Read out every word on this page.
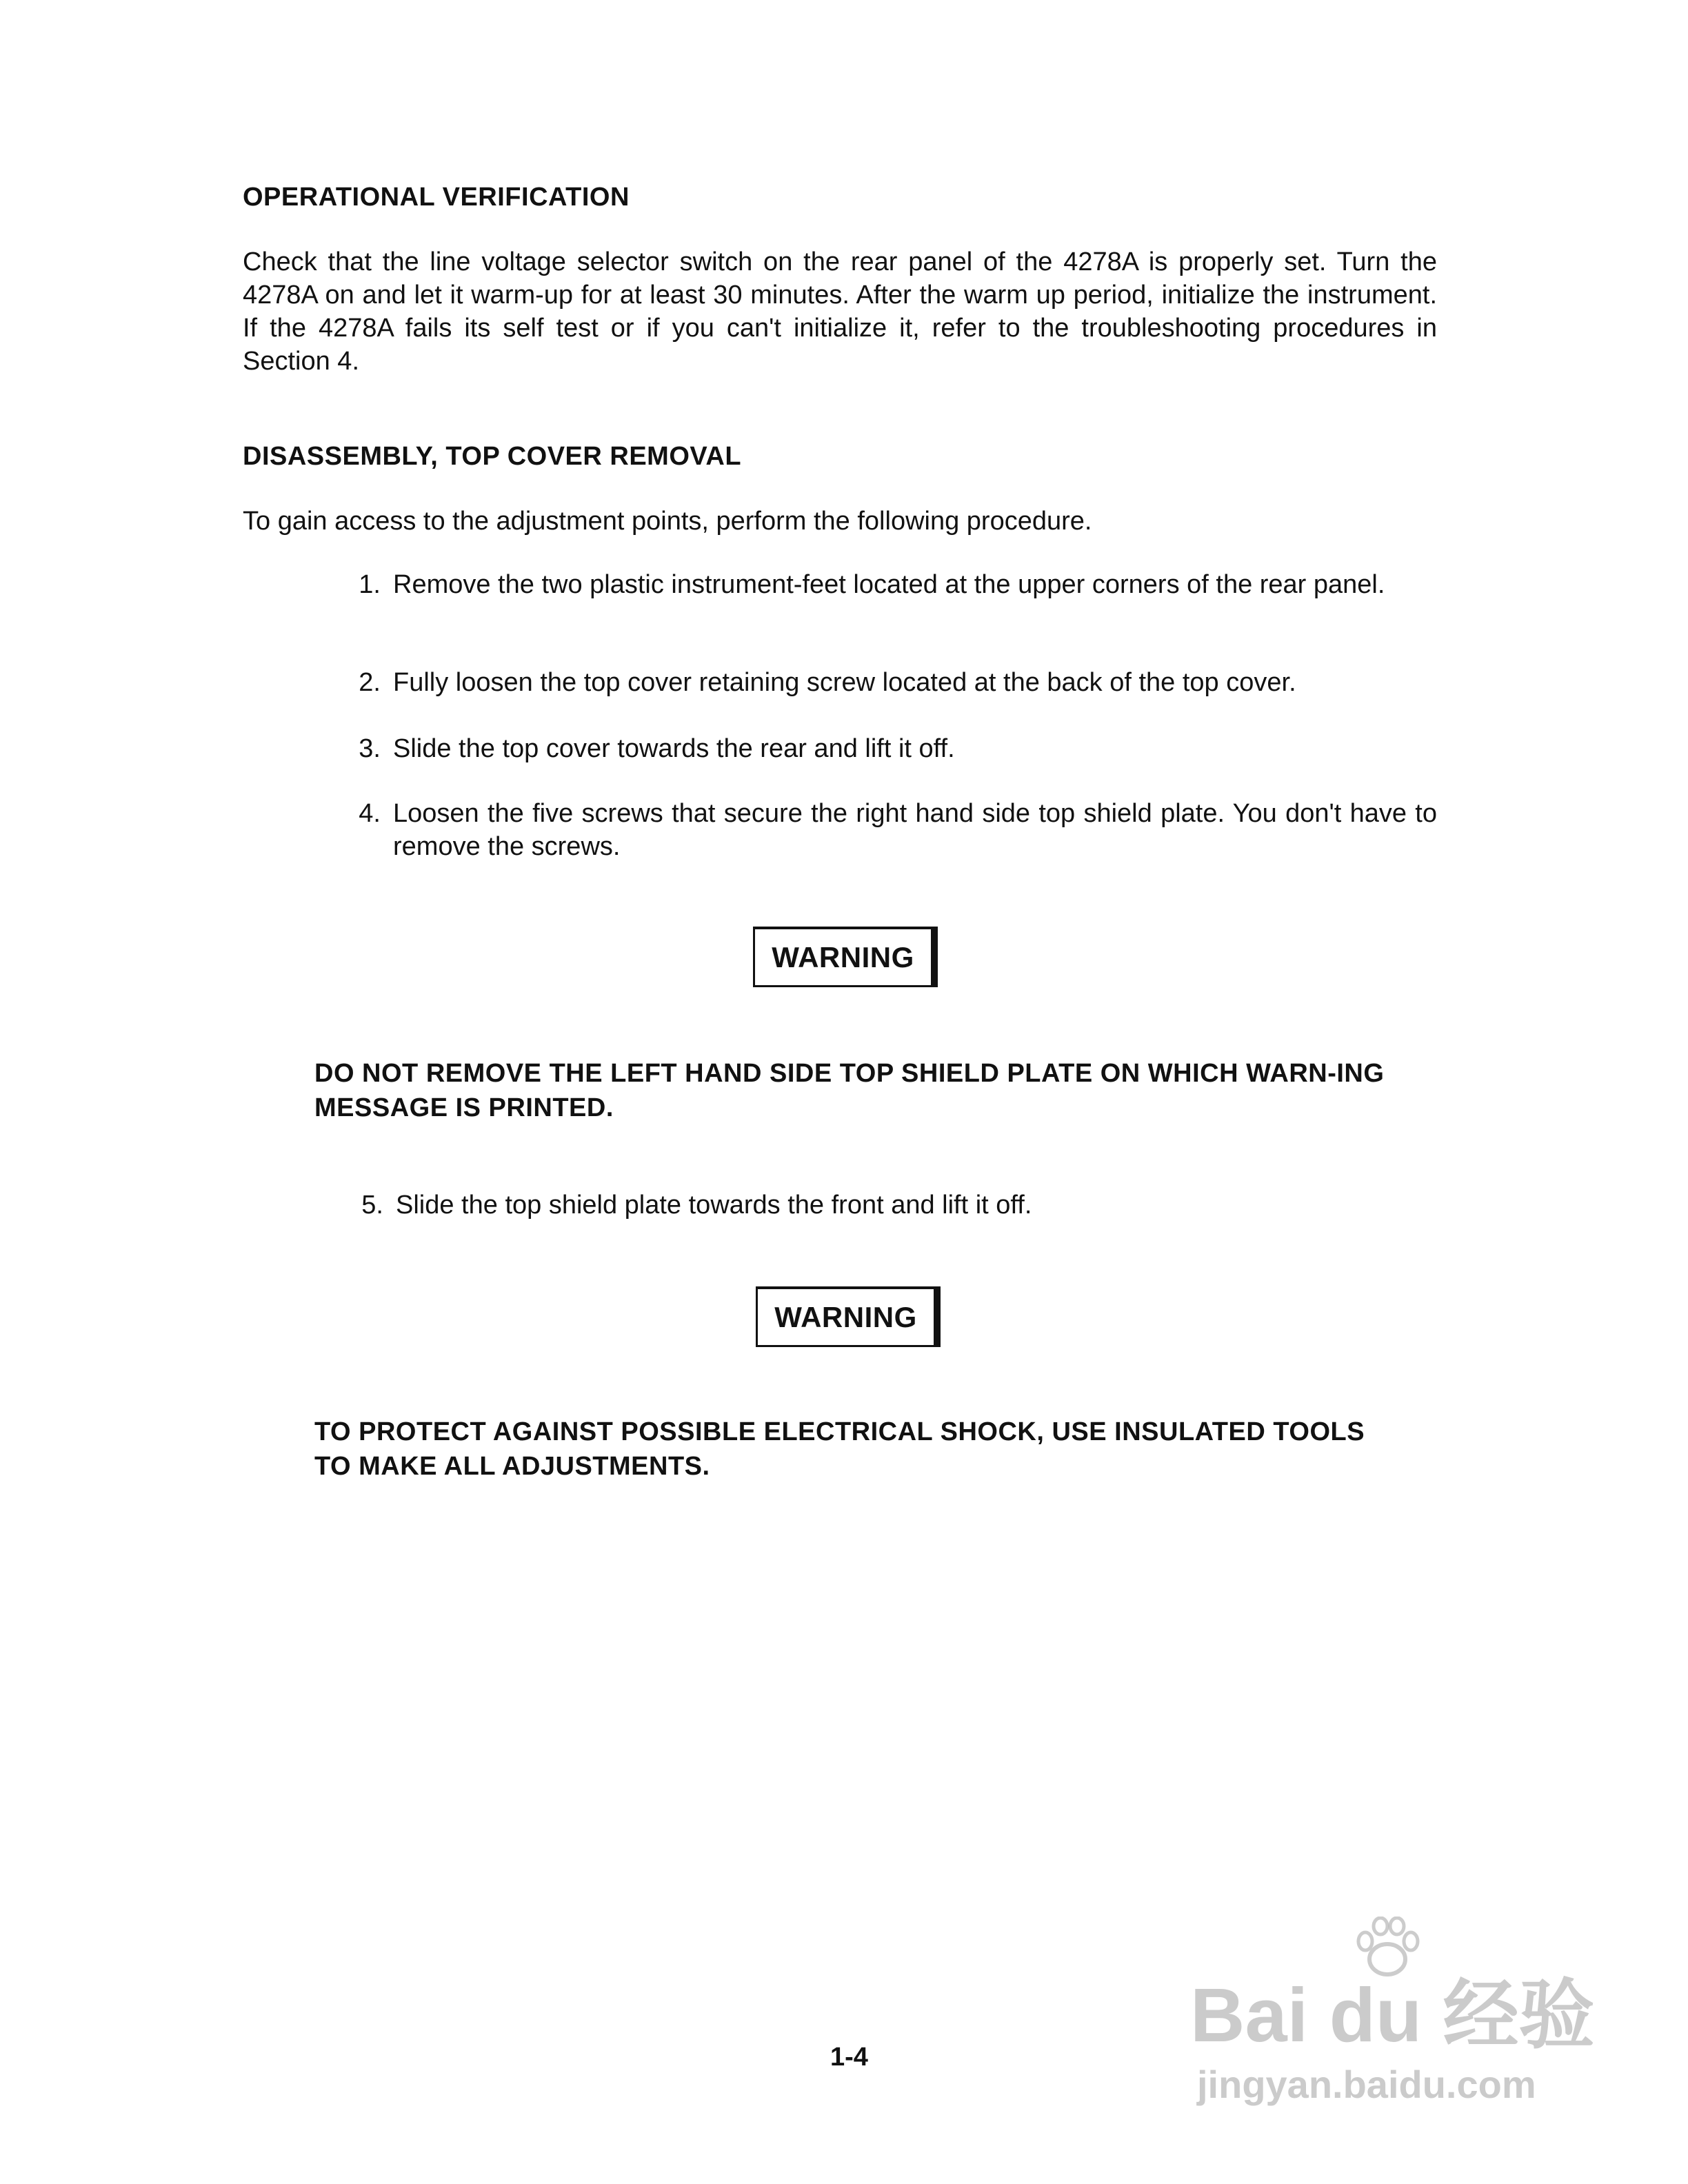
OPERATIONAL VERIFICATION
Check that the line voltage selector switch on the rear panel of the 4278A is properly set. Turn the 4278A on and let it warm-up for at least 30 minutes. After the warm up period, initialize the instrument. If the 4278A fails its self test or if you can't initialize it, refer to the troubleshooting procedures in Section 4.
DISASSEMBLY, TOP COVER REMOVAL
To gain access to the adjustment points, perform the following procedure.
1. Remove the two plastic instrument-feet located at the upper corners of the rear panel.
2. Fully loosen the top cover retaining screw located at the back of the top cover.
3. Slide the top cover towards the rear and lift it off.
4. Loosen the five screws that secure the right hand side top shield plate. You don't have to remove the screws.
WARNING
DO NOT REMOVE THE LEFT HAND SIDE TOP SHIELD PLATE ON WHICH WARN-ING MESSAGE IS PRINTED.
5. Slide the top shield plate towards the front and lift it off.
WARNING
TO PROTECT AGAINST POSSIBLE ELECTRICAL SHOCK, USE INSULATED TOOLS TO MAKE ALL ADJUSTMENTS.
1-4	Bai du 经验
jingyan.baidu.com
